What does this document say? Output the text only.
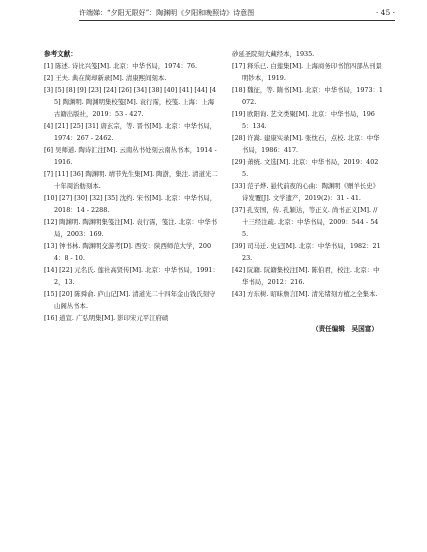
许端娣：“夕阳无限好”：陶渊明《夕阳和晚照诗》诗意图	· 45 ·
参考文献：
[1] 陈述. 诗比兴笺[M]. 北京：中华书局，1974：76.
[2] 王夫. 典在简却新录[M]. 清康熙间刻本.
[3] [5] [8] [9] [23] [24] [26] [34] [38] [40] [41] [44] [45] 陶渊明. 陶渊明集校笺[M]. 袁行霈，校笺. 上海：上海古籍出版社，2019：53 - 427.
[4] [21] [25] [31] 唐玄宗，等. 晋书[M]. 北京：中华书局，1974：267 - 2462.
[6] 吴师道. 陶诗汇注[M]. 云南丛书处刻云南丛书本，1914 - 1916.
[7] [11] [36] 陶渊明. 靖节先生集[M]. 陶澍，集注. 清道光二十年周治舫刻本.
[10] [27] [30] [32] [35] 沈约. 宋书[M]. 北京：中华书局，2018：14 - 2288.
[12] 陶渊明. 陶渊明集笺注[M]. 袁行霈，笺注. 北京：中华书局，2003：169.
[13] 钟书林. 陶渊明交游考[D]. 西安：陕西师范大学，2004：8 - 10.
[14] [22] 元名氏. 莲社高贤传[M]. 北京：中华书局，1991：2，13.
[15] [20] 陈舜俞. 庐山记[M]. 清道光二十四年金山钱氏刻守山阁丛书本.
[16] 道宣. 广弘明集[M]. 影印宋元平江府碛
砂延圣院刻大藏经本，1935.
[17] 释乐已. 白莲集[M]. 上海商务印书馆四部丛刊景明钞本，1919.
[18] 魏征，等. 隋书[M]. 北京：中华书局，1973：1072.
[19] 欧阳询. 艺文类聚[M]. 北京：中华书局，1965：134.
[28] 许嵩. 建康实录[M]. 张忱石，点校. 北京：中华书局，1986：417.
[29] 萧统. 文选[M]. 北京：中华书局，2019：4025.
[33] 范子烨. 悬代前夜的心曲：陶渊明《赠羊长史》诗发覆[J]. 文学遗产，2019(2)：31 - 41.
[37] 孔安国，传. 孔颖达，等正义. 尚书正义[M]. // 十三经注疏. 北京：中华书局，2009：544 - 545.
[39] 司马迁. 史记[M]. 北京：中华书局，1982：2123.
[42] 阮籍. 阮籍集校注[M]. 陈伯君，校注. 北京：中华书局，2012：216.
[43] 方东树. 昭昧詹言[M]. 清光绪刻方植之全集本.
（责任编辑　吴国富）
